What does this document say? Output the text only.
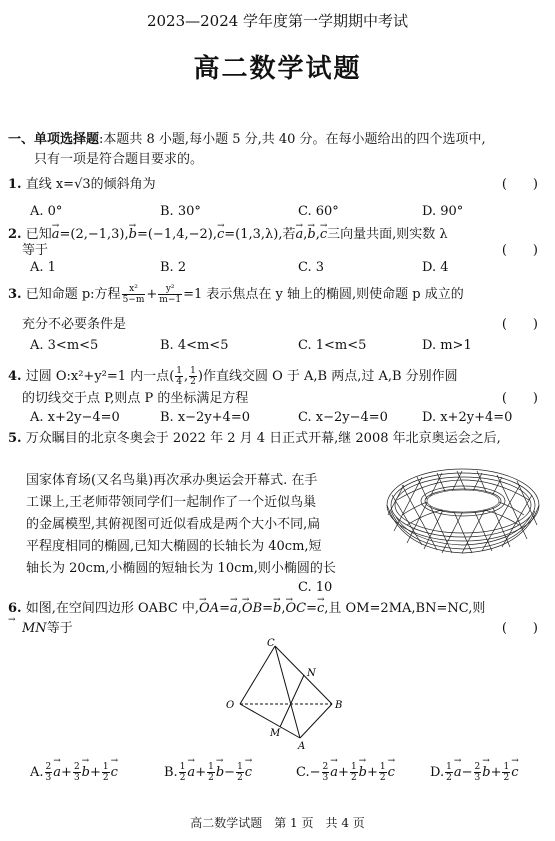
2023—2024 学年度第一学期期中考试
高二数学试题
一、单项选择题:本题共 8 小题,每小题 5 分,共 40 分。在每小题给出的四个选项中,
只有一项是符合题目要求的。
1. 直线 x=√3的倾斜角为	(　　)
A. 0°	B. 30°	C. 60°	D. 90°
2. 已知→ a=(2,−1,3),→ b=(−1,4,−2),→ c=(1,3,λ),若→ a,→ b,→ c三向量共面,则实数 λ
等于	(　　)
A. 1	B. 2	C. 3	D. 4
3. 已知命题 p:方程 $\frac{\text{x²}}{5-m} + \frac{\text{y²}}{m-1} =1$ 表示焦点在 y 轴上的椭圆,则使命题 p 成立的
充分不必要条件是	(　　)
A. 3<m<5	B. 4<m<5	C. 1<m<5	D. m>1
4. 过圆 O:x²+y²=1 内一点( $\frac{1}{4}$ , $\frac{1}{2}$ )作直线交圆 O 于 A,B 两点,过 A,B 分别作圆
的切线交于点 P,则点 P 的坐标满足方程	(　　)
A. x+2y−4=0	B. x−2y+4=0	C. x−2y−4=0	D. x+2y+4=0
5. 万众瞩目的北京冬奥会于 2022 年 2 月 4 日正式开幕,继 2008 年北京奥运会之后,
国家体育场(又名鸟巢)再次承办奥运会开幕式. 在手
工课上,王老师带领同学们一起制作了一个近似鸟巢
的金属模型,其俯视图可近似看成是两个大小不同,扁
平程度相同的椭圆,已知大椭圆的长轴长为 40cm,短
轴长为 20cm,小椭圆的短轴长为 10cm,则小椭圆的长
C. 10
6. 如图,在空间四边形 OABC 中,→ OA=→ a,→ OB=→ b,→ OC=→ c,且 OM=2MA,BN=NC,则
→ MN等于	(　　)
C
N
O	B
M
A
A. $\frac{2}{3}$
→ $a+ \frac{2}{3}$
→ $b+ \frac{1}{2}$
→ c	B. $\frac{1}{2}$
→ $a+ \frac{1}{2}$
→ $b- \frac{1}{2}$
→ c	$C.- \frac{2}{3}$
→ $a+ \frac{1}{2}$
→ $b+ \frac{1}{2}$
→ c	D. $\frac{1}{2}$
→ $a- \frac{2}{3}$
→ $b+ \frac{1}{2}$
→ c
高二数学试题　第 1 页　共 4 页
